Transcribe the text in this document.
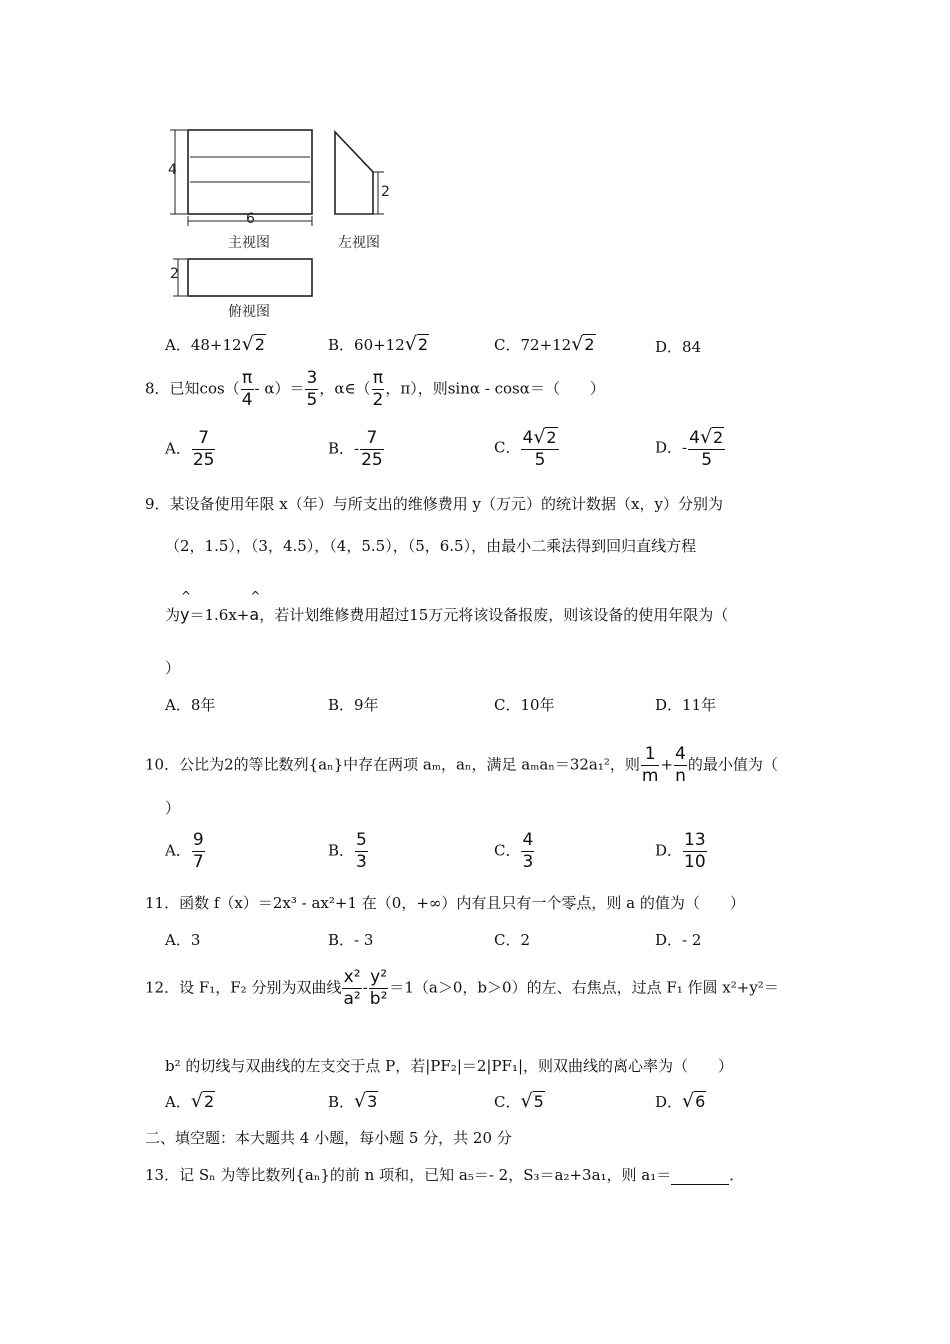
4
6
2
2
主视图	左视图
俯视图
A．48+12√2	B．60+12√2	C．72+12√2	D．84
8．已知$\cos( \frac{\pi}{4} - \alpha)= \frac{3}{5}$ ，α∈（ $\frac{\pi}{2}$ ，π），则sinα - cosα＝（　　）
A． $\frac{7}{25}$	B．- $\frac{7}{25}$	C． $\frac{4√2}{5}$	D．- $\frac{4√2}{5}$
9．某设备使用年限 x（年）与所支出的维修费用 y（万元）的统计数据（x，y）分别为
（2，1.5），（3，4.5），（4，5.5），（5，6.5），由最小二乘法得到回归直线方程
为^ y＝1.6x+^ a，若计划维修费用超过15万元将该设备报废，则该设备的使用年限为（
）
A．8年	B．9年	C．10年	D．11年
10．公比为2的等比数列{aₙ}中存在两项 aₘ，aₙ，满足 aₘaₙ＝32a₁²，则 $\frac{1}{m} + \frac{4}{n}$ 的最小值为（
）
A． $\frac{9}{7}$	B． $\frac{5}{3}$	C． $\frac{4}{3}$	D． $\frac{13}{10}$
11．函数 f（x）＝2x³ - ax²+1 在（0，+∞）内有且只有一个零点，则 a 的值为（　　）
A．3	B．- 3	C．2	D．- 2
12．设 F₁，F₂ 分别为双曲线 $\frac{\text{x²}}{\text{a²}} - \frac{\text{y²}}{\text{b²}} =1(a>0$，b＞0）的左、右焦点，过点 F₁ 作圆 x²+y²＝
b² 的切线与双曲线的左支交于点 P，若|PF₂|＝2|PF₁|，则双曲线的离心率为（　　）
A．√2	B．√3	C．√5	D．√6
二、填空题：本大题共 4 小题，每小题 5 分，共 20 分
13．记 Sₙ 为等比数列{aₙ}的前 n 项和，已知 a₅＝- 2，S₃＝a₂+3a₁，则 a₁＝	．
